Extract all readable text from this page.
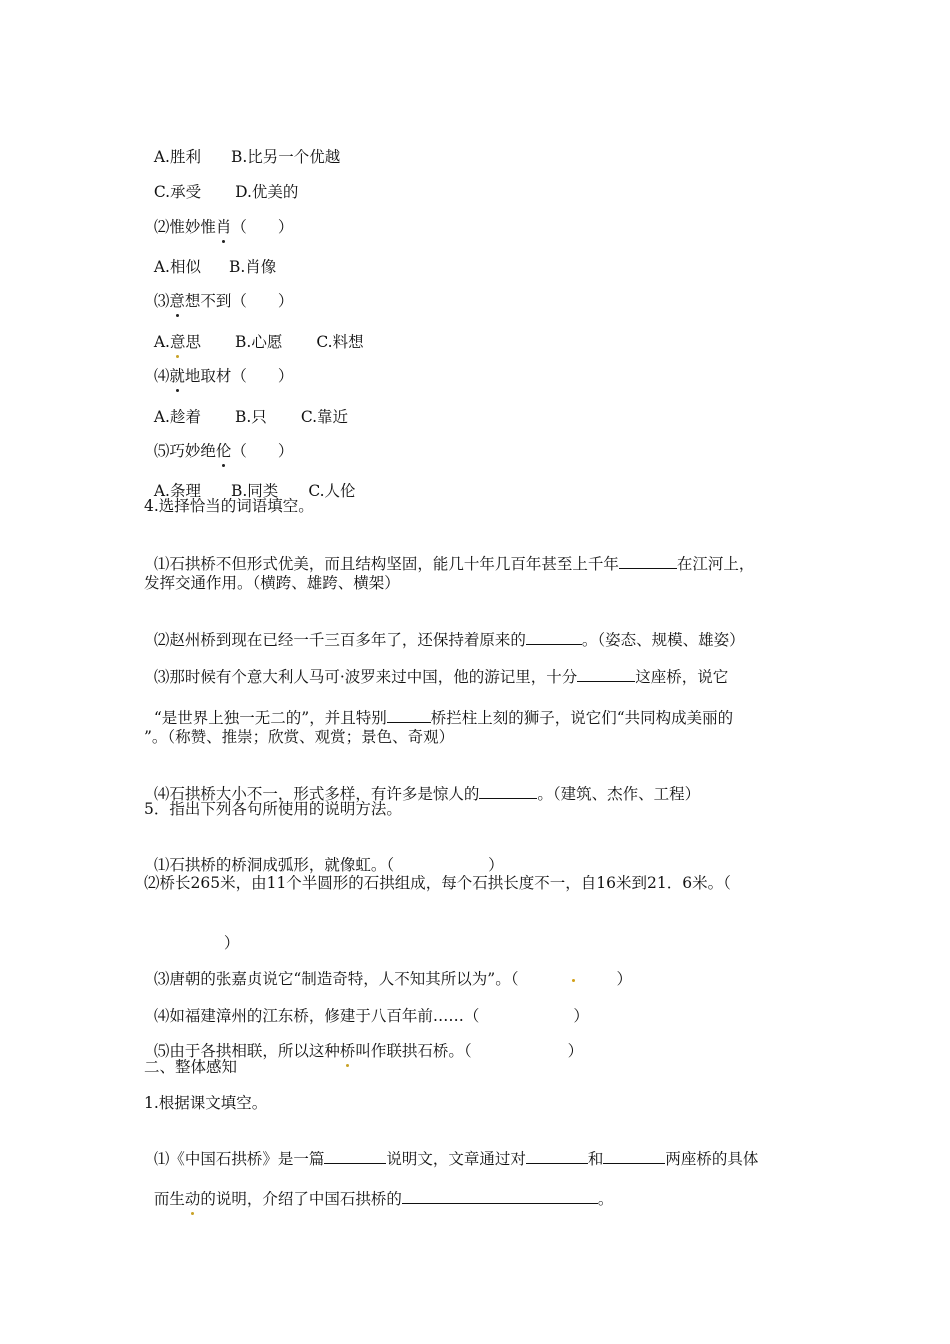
A.胜利 B.比另一个优越

C.承受 D.优美的

⑵惟妙惟肖（　　）

A.相似 B.肖像

⑶意想不到（　　）

A.意思 B.心愿 C.料想

⑷就地取材（　　）

A.趁着 B.只 C.靠近

⑸巧妙绝伦（　　）

A.条理 B.同类 C.人伦

4.选择恰当的词语填空。

⑴石拱桥不但形式优美，而且结构坚固，能几十年几百年甚至上千年	在江河上，

发挥交通作用。（横跨、雄跨、横架）

⑵赵州桥到现在已经一千三百多年了，还保持着原来的	。（姿态、规模、雄姿）

⑶那时候有个意大利人马可·波罗来过中国，他的游记里，十分	这座桥，说它

“是世界上独一无二的”，并且特别	桥拦柱上刻的狮子，说它们“共同构成美丽的

”。（称赞、推崇；欣赏、观赏；景色、奇观）

⑷石拱桥大小不一，形式多样，有许多是惊人的	。（建筑、杰作、工程）

5．指出下列各句所使用的说明方法。

⑴石拱桥的桥洞成弧形，就像虹。（	）

⑵桥长265米，由11个半圆形的石拱组成，每个石拱长度不一，自16米到21．6米。（

）

⑶唐朝的张嘉贞说它“制造奇特，人不知其所以为”。（	）

⑷如福建漳州的江东桥，修建于八百年前……（	）

⑸由于各拱相联，所以这种桥叫作联拱石桥。（	）

二、整体感知
1.根据课文填空。

⑴《中国石拱桥》是一篇	说明文，文章通过对	和	两座桥的具体

而生动的说明，介绍了中国石拱桥的	。
